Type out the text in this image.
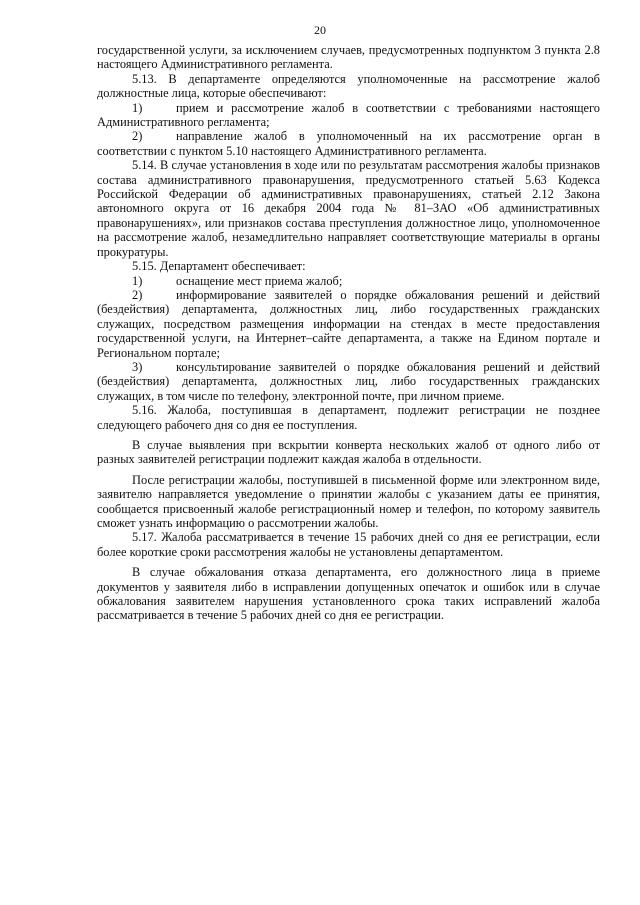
20

государственной услуги, за исключением случаев, предусмотренных подпунктом 3 пункта 2.8 настоящего Административного регламента.

5.13. В департаменте определяются уполномоченные на рассмотрение жалоб должностные лица, которые обеспечивают:

1)	прием и рассмотрение жалоб в соответствии с требованиями настоящего Административного регламента;

2)	направление жалоб в уполномоченный на их рассмотрение орган в соответствии с пунктом 5.10 настоящего Административного регламента.

5.14. В случае установления в ходе или по результатам рассмотрения жалобы признаков состава административного правонарушения, предусмотренного статьей 5.63 Кодекса Российской Федерации об административных правонарушениях, статьей 2.12 Закона автономного округа от 16 декабря 2004 года № 81–ЗАО «Об административных правонарушениях», или признаков состава преступления должностное лицо, уполномоченное на рассмотрение жалоб, незамедлительно направляет соответствующие материалы в органы прокуратуры.

5.15. Департамент обеспечивает:

1)	оснащение мест приема жалоб;

2)	информирование заявителей о порядке обжалования решений и действий (бездействия) департамента, должностных лиц, либо государственных гражданских служащих, посредством размещения информации на стендах в месте предоставления государственной услуги, на Интернет–сайте департамента, а также на Едином портале и Региональном портале;

3)	консультирование заявителей о порядке обжалования решений и действий (бездействия) департамента, должностных лиц, либо государственных гражданских служащих, в том числе по телефону, электронной почте, при личном приеме.

5.16. Жалоба, поступившая в департамент, подлежит регистрации не позднее следующего рабочего дня со дня ее поступления.

В случае выявления при вскрытии конверта нескольких жалоб от одного либо от разных заявителей регистрации подлежит каждая жалоба в отдельности.

После регистрации жалобы, поступившей в письменной форме или электронном виде, заявителю направляется уведомление о принятии жалобы с указанием даты ее принятия, сообщается присвоенный жалобе регистрационный номер и телефон, по которому заявитель сможет узнать информацию о рассмотрении жалобы.

5.17. Жалоба рассматривается в течение 15 рабочих дней со дня ее регистрации, если более короткие сроки рассмотрения жалобы не установлены департаментом.

В случае обжалования отказа департамента, его должностного лица в приеме документов у заявителя либо в исправлении допущенных опечаток и ошибок или в случае обжалования заявителем нарушения установленного срока таких исправлений жалоба рассматривается в течение 5 рабочих дней со дня ее регистрации.
